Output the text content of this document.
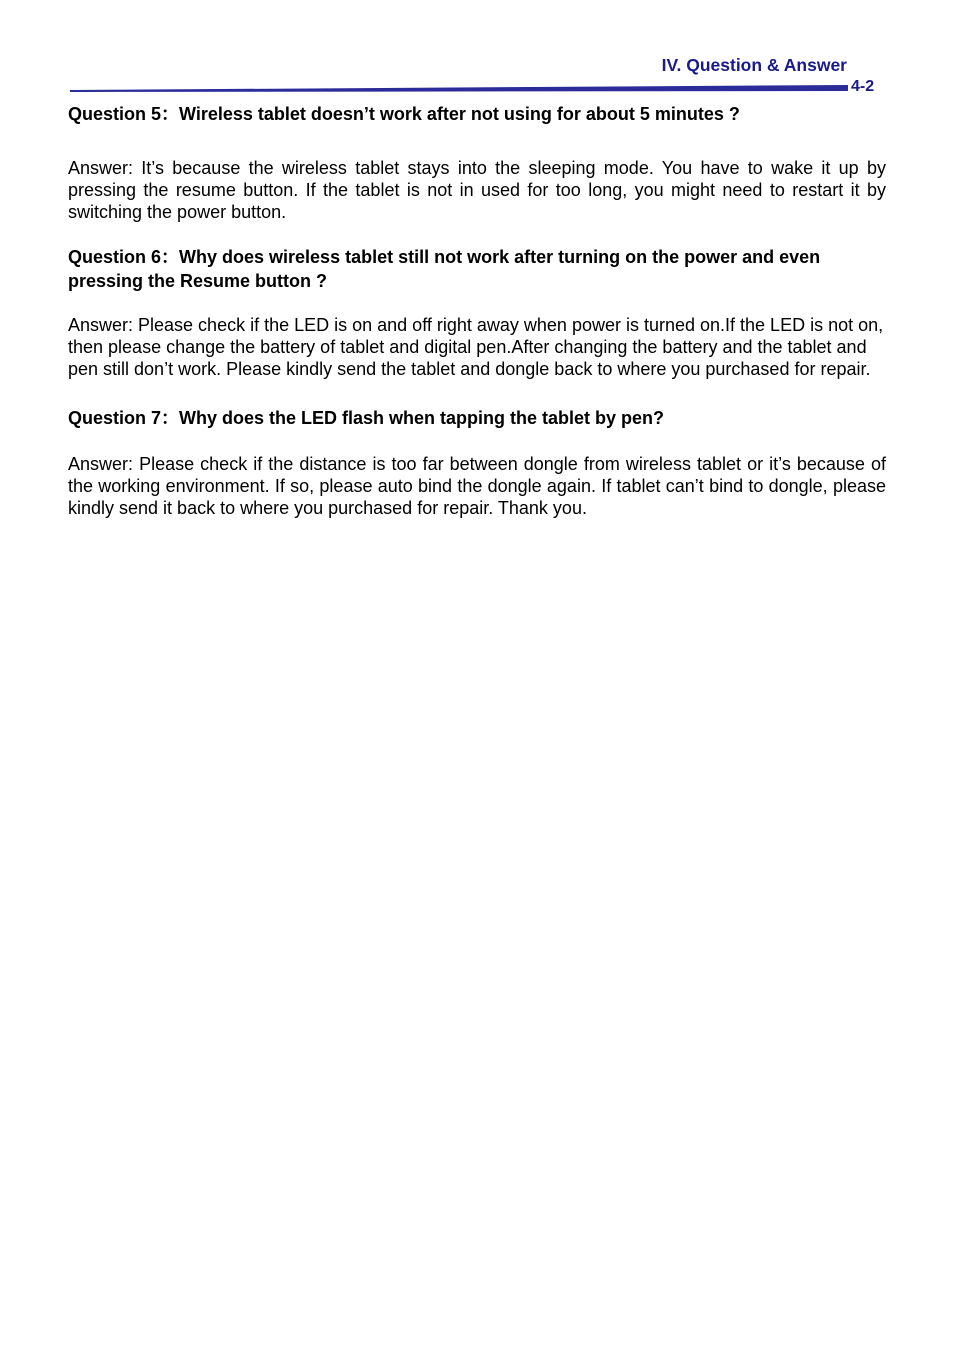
IV. Question & Answer
4-2

Question 5：Wireless tablet doesn’t work after not using for about 5 minutes ?

Answer: It’s because the wireless tablet stays into the sleeping mode. You have to wake it up by pressing the resume button. If the tablet is not in used for too long, you might need to restart it by switching the power button.

Question 6：Why does wireless tablet still not work after turning on the power and even pressing the Resume button ?

Answer: Please check if the LED is on and off right away when power is turned on.If the LED is not on, then please change the battery of tablet and digital pen.After changing the battery and the tablet and pen still don’t work. Please kindly send the tablet and dongle back to where you purchased for repair.

Question 7：Why does the LED flash when tapping the tablet by pen?

Answer: Please check if the distance is too far between dongle from wireless tablet or it’s because of the working environment. If so, please auto bind the dongle again. If tablet can’t bind to dongle, please kindly send it back to where you purchased for repair. Thank you.
